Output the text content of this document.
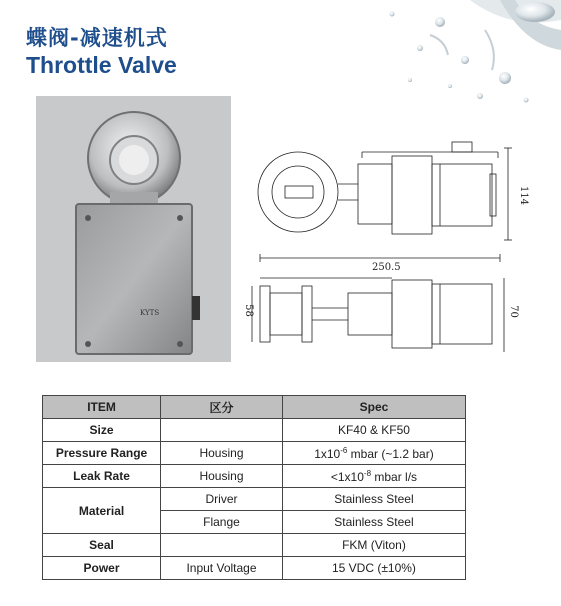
蝶阀-减速机式
Throttle Valve
KYTS
250.5
114
58	70
ITEM	区分	Spec
Size		KF40 & KF50
Pressure Range	Housing	$1x10^{-6}$ mbar (~1.2 bar)
Leak Rate	Housing	$<1x10^{-8}$ mbar l/s
Material	Driver	Stainless Steel
	Flange	Stainless Steel
Seal		FKM (Viton)
Power	Input Voltage	15 VDC (±10%)
